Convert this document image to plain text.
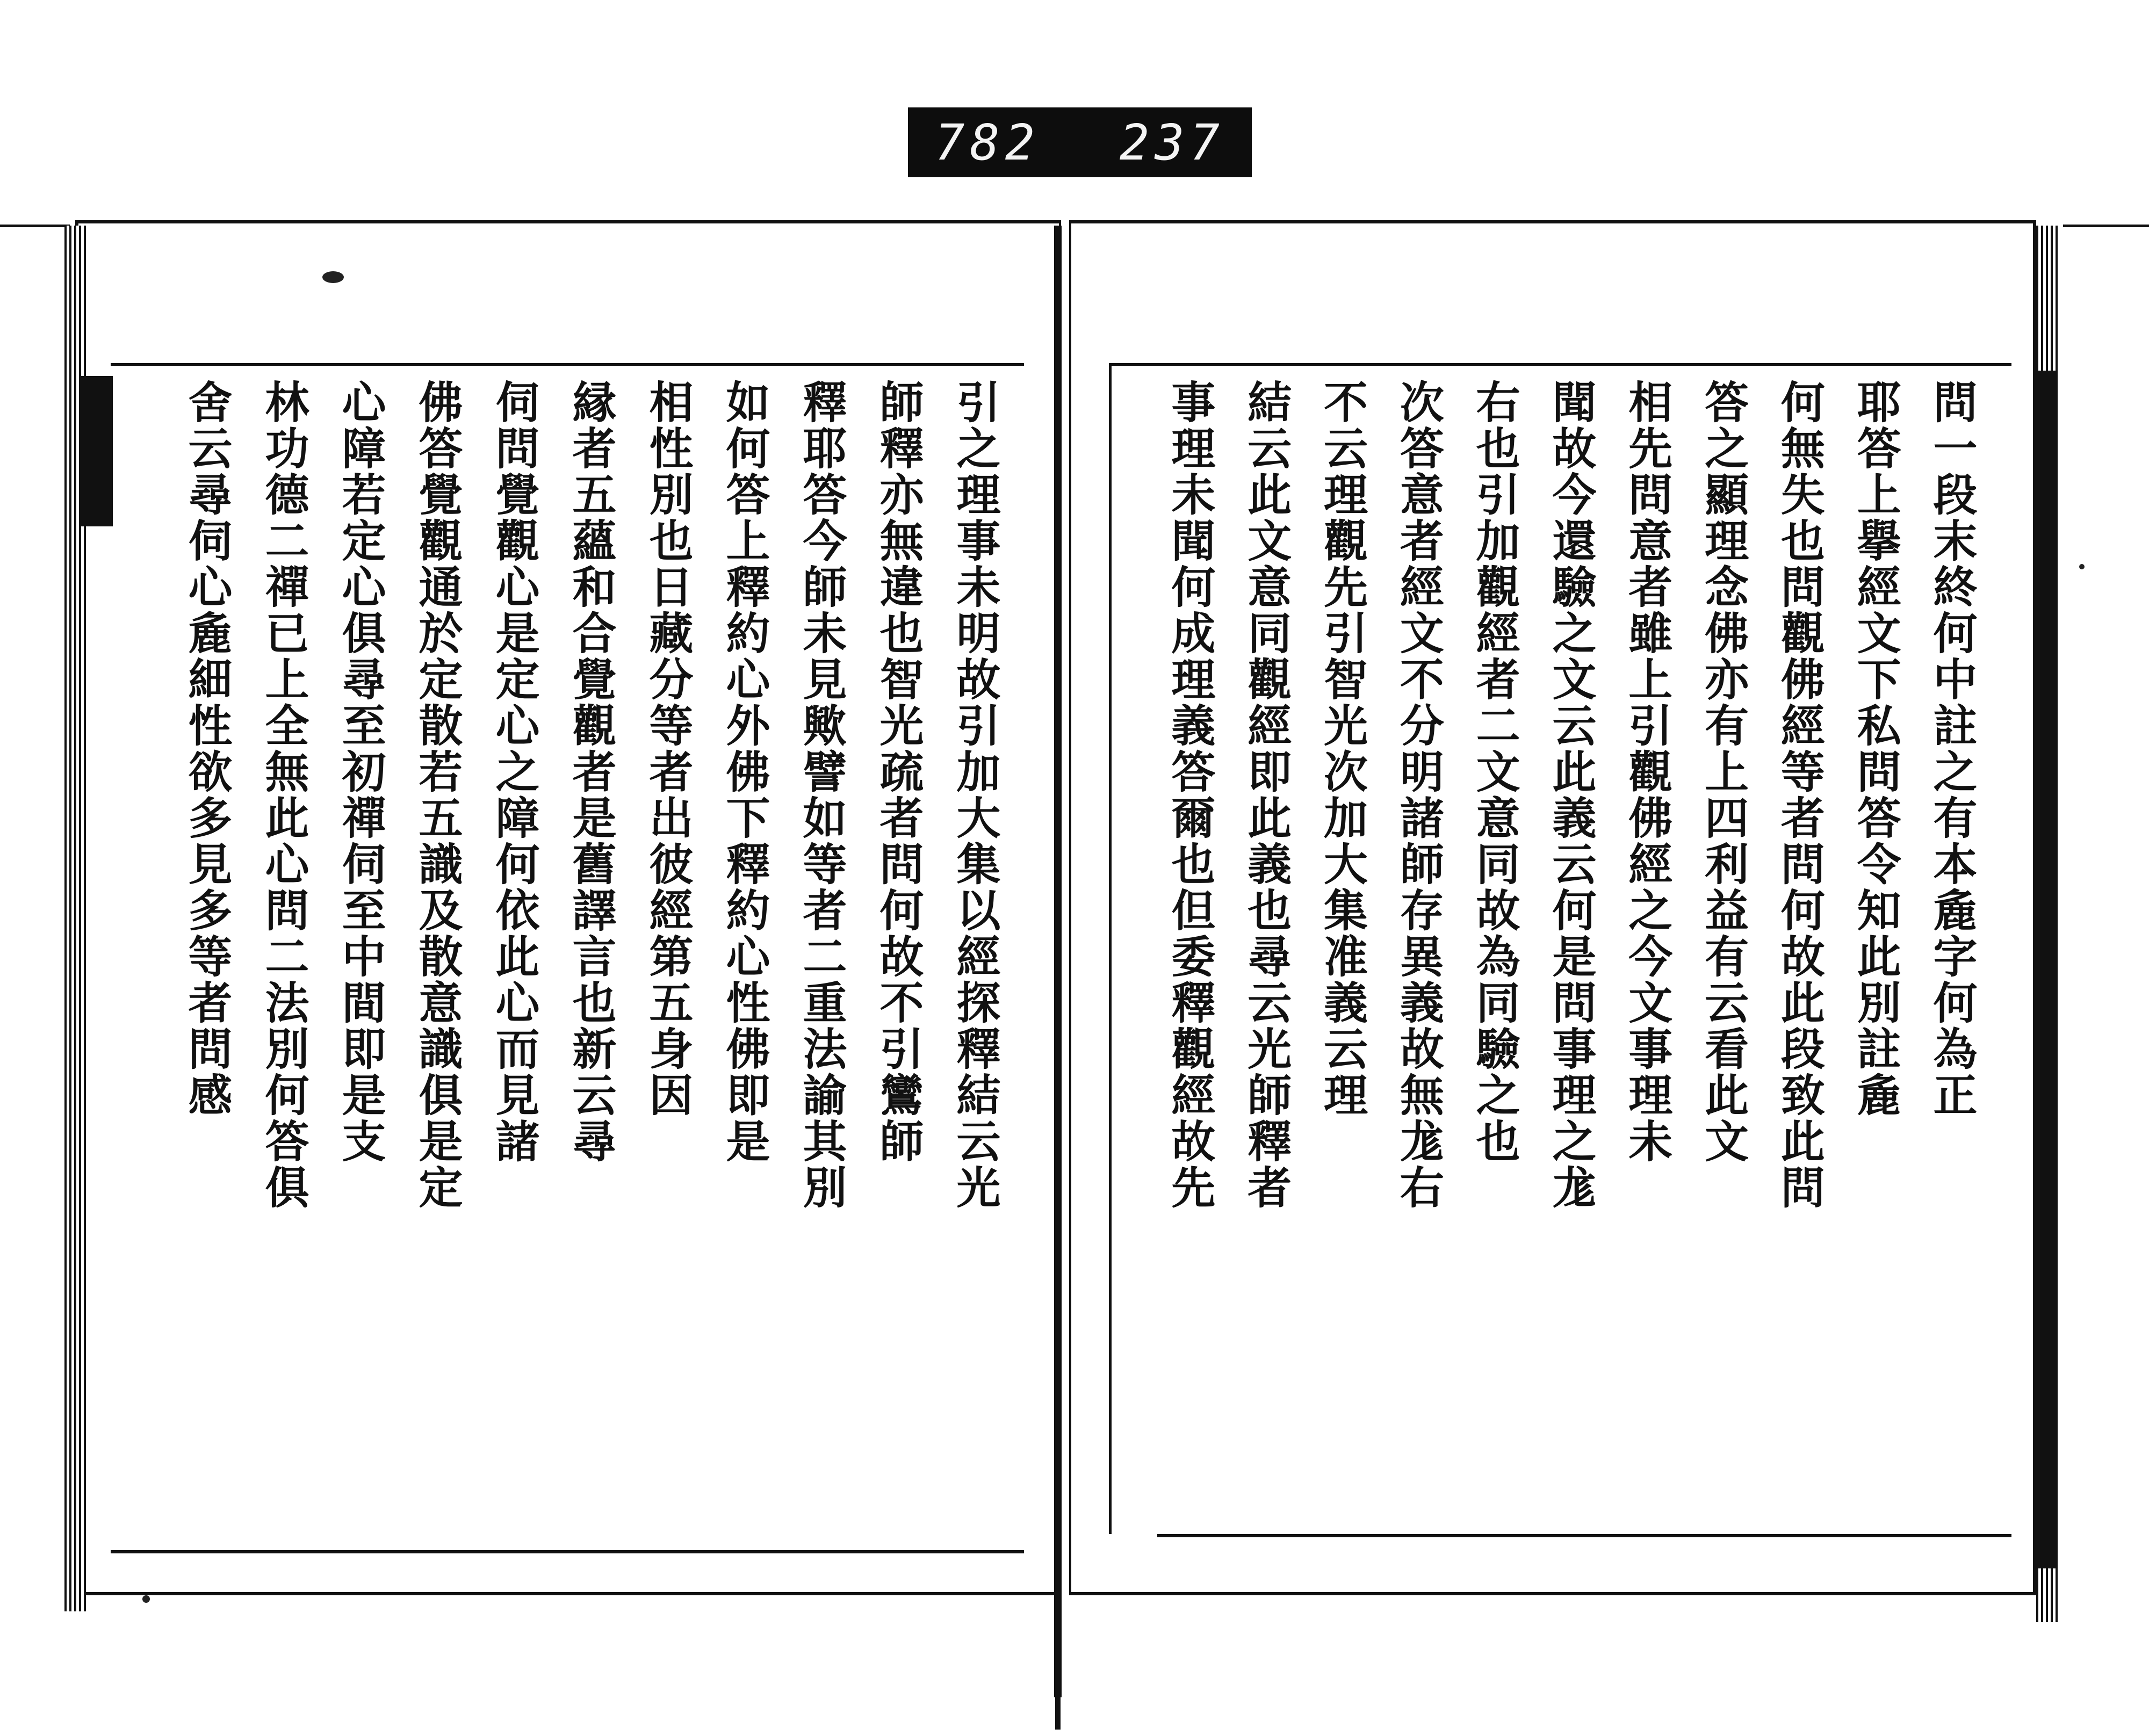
782 237
引之理事未明故引加大集以經探釋結云光
師釋亦無違也智光疏者問何故不引鸞師
釋耶答今師未見歟譬如等者二重法諭其別
如何答上釋約心外佛下釋約心性佛即是
相性別也日藏分等者出彼經第五身因
縁者五蘊和合覺觀者是舊譯言也新云尋
伺問覺觀心是定心之障何依此心而見諸
佛答覺觀通於定散若五識及散意識俱是定
心障若定心俱尋至初禪伺至中間即是支
林功德二禪已上全無此心問二法別何答俱
舍云尋伺心麁細性欲多見多等者問感	問一段末終何中註之有本麁字何為正
耶答上擧經文下私問答令知此別註麁
何無失也問觀佛經等者問何故此段致此問
答之顯理念佛亦有上四利益有云看此文
相先問意者雖上引觀佛經之今文事理未
聞故今還驗之文云此義云何是問事理之尨
右也引加觀經者二文意同故為同驗之也
次答意者經文不分明諸師存異義故無尨右
不云理觀先引智光次加大集准義云理
結云此文意同觀經即此義也尋云光師釋者
事理未聞何成理義答爾也但委釋觀經故先
